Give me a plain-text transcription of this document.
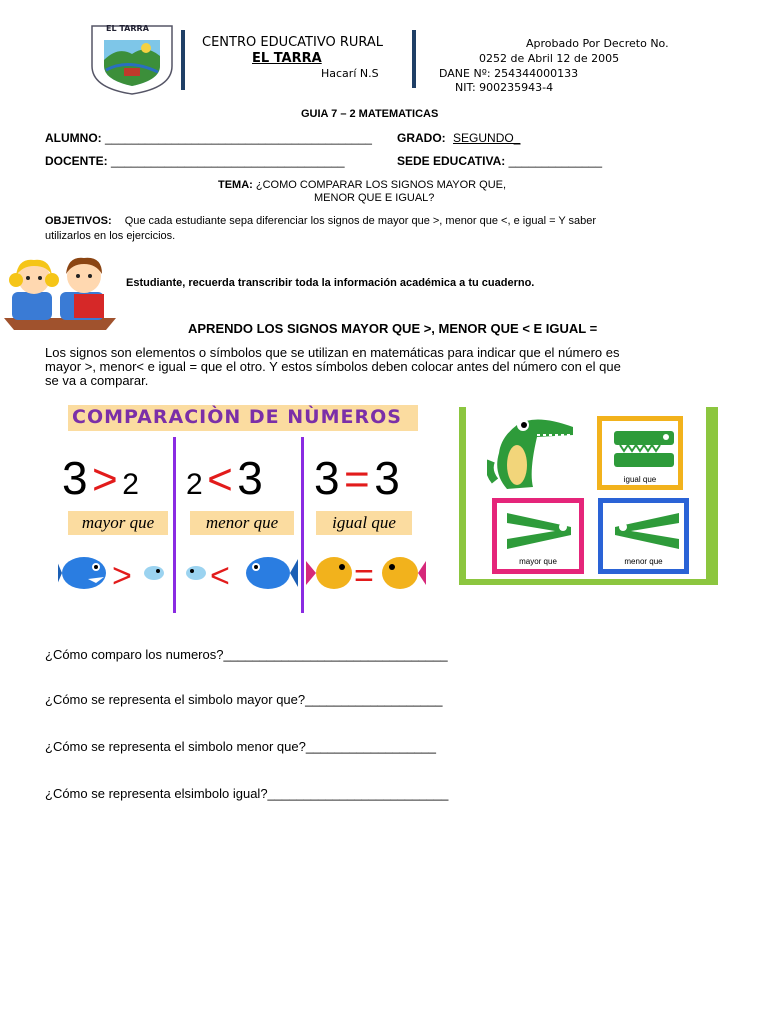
EL TARRA
CENTRO EDUCATIVO RURAL
EL TARRA
Hacarí N.S
Aprobado Por Decreto No.
0252 de Abril 12 de 2005
DANE Nº: 254344000133
NIT: 900235943-4
GUIA 7 – 2 MATEMATICAS
ALUMNO: ________________________________________ GRADO: SEGUNDO_
DOCENTE: ___________________________________	SEDE EDUCATIVA: ______________
TEMA: ¿COMO COMPARAR LOS SIGNOS MAYOR QUE,
MENOR QUE E IGUAL?
OBJETIVOS: Que cada estudiante sepa diferenciar los signos de mayor que >, menor que <, e igual = Y saber
utilizarlos en los ejercicios.
Estudiante, recuerda transcribir toda la información académica a tu cuaderno.
APRENDO LOS SIGNOS MAYOR QUE >, MENOR QUE < E IGUAL =
Los signos son elementos o símbolos que se utilizan en matemáticas para indicar que el número es
mayor >, menor< e igual = que el otro. Y estos símbolos deben colocar antes del número con el que
se va a comparar.
COMPARACIÒN DE NÙMEROS
3 > 2
mayor que
2 < 3
menor que
3 = 3
igual que
> <	=
igual que
mayor que	menor que
¿Cómo comparo los numeros?_______________________________
¿Cómo se representa el simbolo mayor que?___________________
¿Cómo se representa el simbolo menor que?__________________
¿Cómo se representa elsimbolo igual?_________________________
